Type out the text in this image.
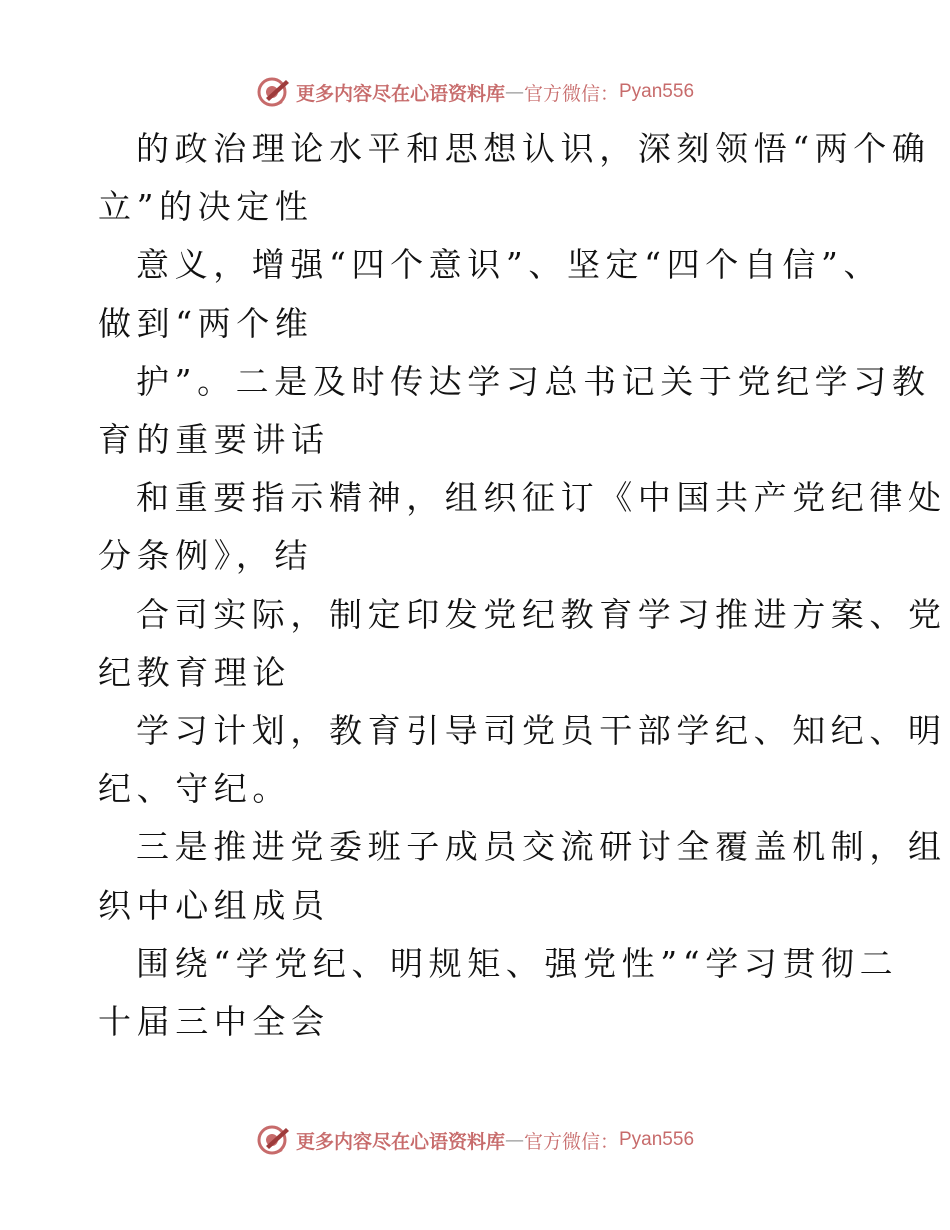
更多内容尽在心语资料库 — 官方微信： Pyan556

的政治理论水平和思想认识，深刻领悟“两个确

立”的决定性

意义，增强“四个意识”、坚定“四个自信”、

做到“两个维

护”。二是及时传达学习总书记关于党纪学习教

育的重要讲话

和重要指示精神，组织征订《中国共产党纪律处

分条例》，结

合司实际，制定印发党纪教育学习推进方案、党

纪教育理论

学习计划，教育引导司党员干部学纪、知纪、明

纪、守纪。

三是推进党委班子成员交流研讨全覆盖机制，组

织中心组成员

围绕“学党纪、明规矩、强党性”“学习贯彻二

十届三中全会

更多内容尽在心语资料库 — 官方微信： Pyan556
